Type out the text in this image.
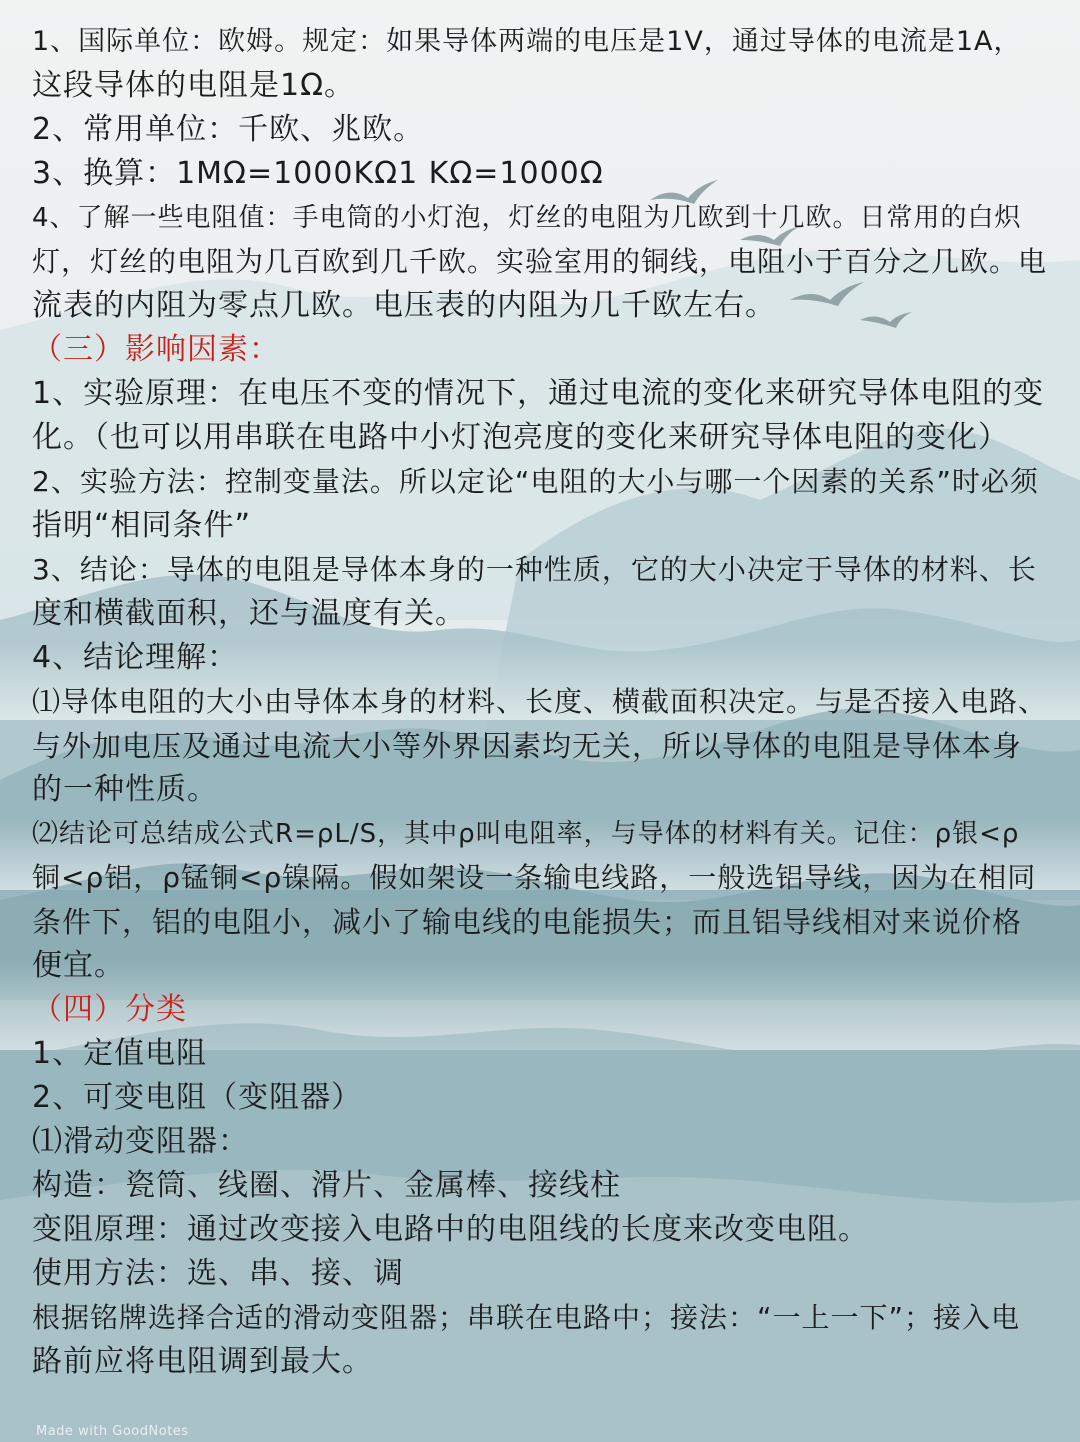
1、国际单位：欧姆。规定：如果导体两端的电压是1V，通过导体的电流是1A，
这段导体的电阻是1Ω。
2、常用单位：千欧、兆欧。
3、换算：1MΩ=1000KΩ1 KΩ=1000Ω
4、了解一些电阻值：手电筒的小灯泡，灯丝的电阻为几欧到十几欧。日常用的白炽
灯，灯丝的电阻为几百欧到几千欧。实验室用的铜线，电阻小于百分之几欧。电
流表的内阻为零点几欧。电压表的内阻为几千欧左右。
（三）影响因素：
1、实验原理：在电压不变的情况下，通过电流的变化来研究导体电阻的变
化。（也可以用串联在电路中小灯泡亮度的变化来研究导体电阻的变化）
2、实验方法：控制变量法。所以定论“电阻的大小与哪一个因素的关系”时必须
指明“相同条件”
3、结论：导体的电阻是导体本身的一种性质，它的大小决定于导体的材料、长
度和横截面积，还与温度有关。
4、结论理解：
⑴导体电阻的大小由导体本身的材料、长度、横截面积决定。与是否接入电路、
与外加电压及通过电流大小等外界因素均无关，所以导体的电阻是导体本身
的一种性质。
⑵结论可总结成公式R=ρL/S，其中ρ叫电阻率，与导体的材料有关。记住：ρ银<ρ
铜<ρ铝，ρ锰铜<ρ镍隔。假如架设一条输电线路，一般选铝导线，因为在相同
条件下，铝的电阻小，减小了输电线的电能损失；而且铝导线相对来说价格
便宜。
（四）分类
1、定值电阻
2、可变电阻（变阻器）
⑴滑动变阻器：
构造：瓷筒、线圈、滑片、金属棒、接线柱
变阻原理：通过改变接入电路中的电阻线的长度来改变电阻。
使用方法：选、串、接、调
根据铭牌选择合适的滑动变阻器；串联在电路中；接法：“一上一下”；接入电
路前应将电阻调到最大。
Made with GoodNotes
